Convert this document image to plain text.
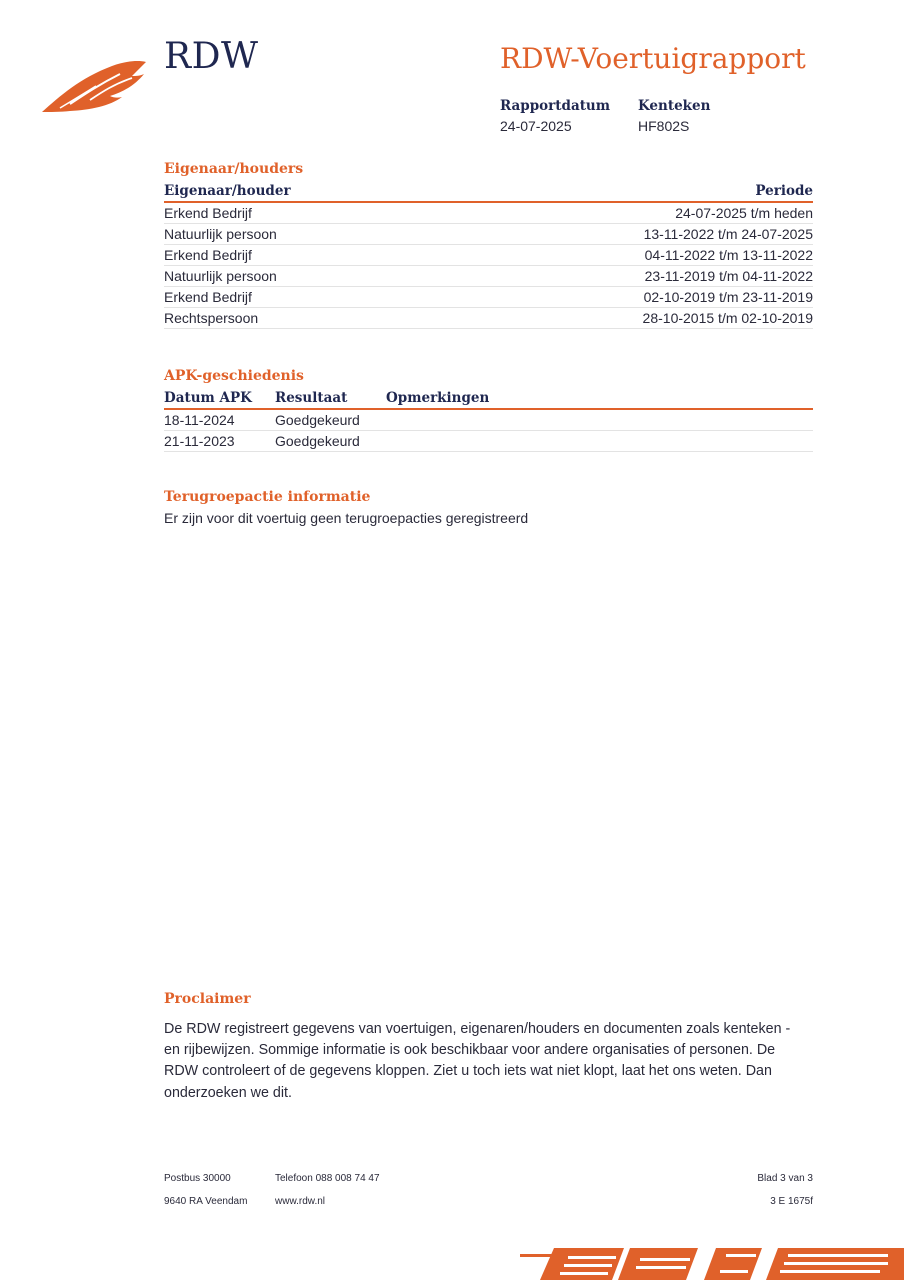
RDW	RDW-Voertuigrapport
Rapportdatum
24-07-2025
Kenteken
HF802S
Eigenaar/houders
Eigenaar/houder	Periode
Erkend Bedrijf	24-07-2025 t/m heden
Natuurlijk persoon	13-11-2022 t/m 24-07-2025
Erkend Bedrijf	04-11-2022 t/m 13-11-2022
Natuurlijk persoon	23-11-2019 t/m 04-11-2022
Erkend Bedrijf	02-10-2019 t/m 23-11-2019
Rechtspersoon	28-10-2015 t/m 02-10-2019
APK-geschiedenis
Datum APK	Resultaat	Opmerkingen
18-11-2024	Goedgekeurd	
21-11-2023	Goedgekeurd	
Terugroepactie informatie
Er zijn voor dit voertuig geen terugroepacties geregistreerd
Proclaimer
De RDW registreert gegevens van voertuigen, eigenaren/houders en documenten zoals kenteken - en rijbewijzen. Sommige informatie is ook beschikbaar voor andere organisaties of personen. De RDW controleert of de gegevens kloppen. Ziet u toch iets wat niet klopt, laat het ons weten. Dan onderzoeken we dit.
Postbus 30000
9640 RA Veendam
Telefoon 088 008 74 47
www.rdw.nl
Blad 3 van 3
3 E 1675f
